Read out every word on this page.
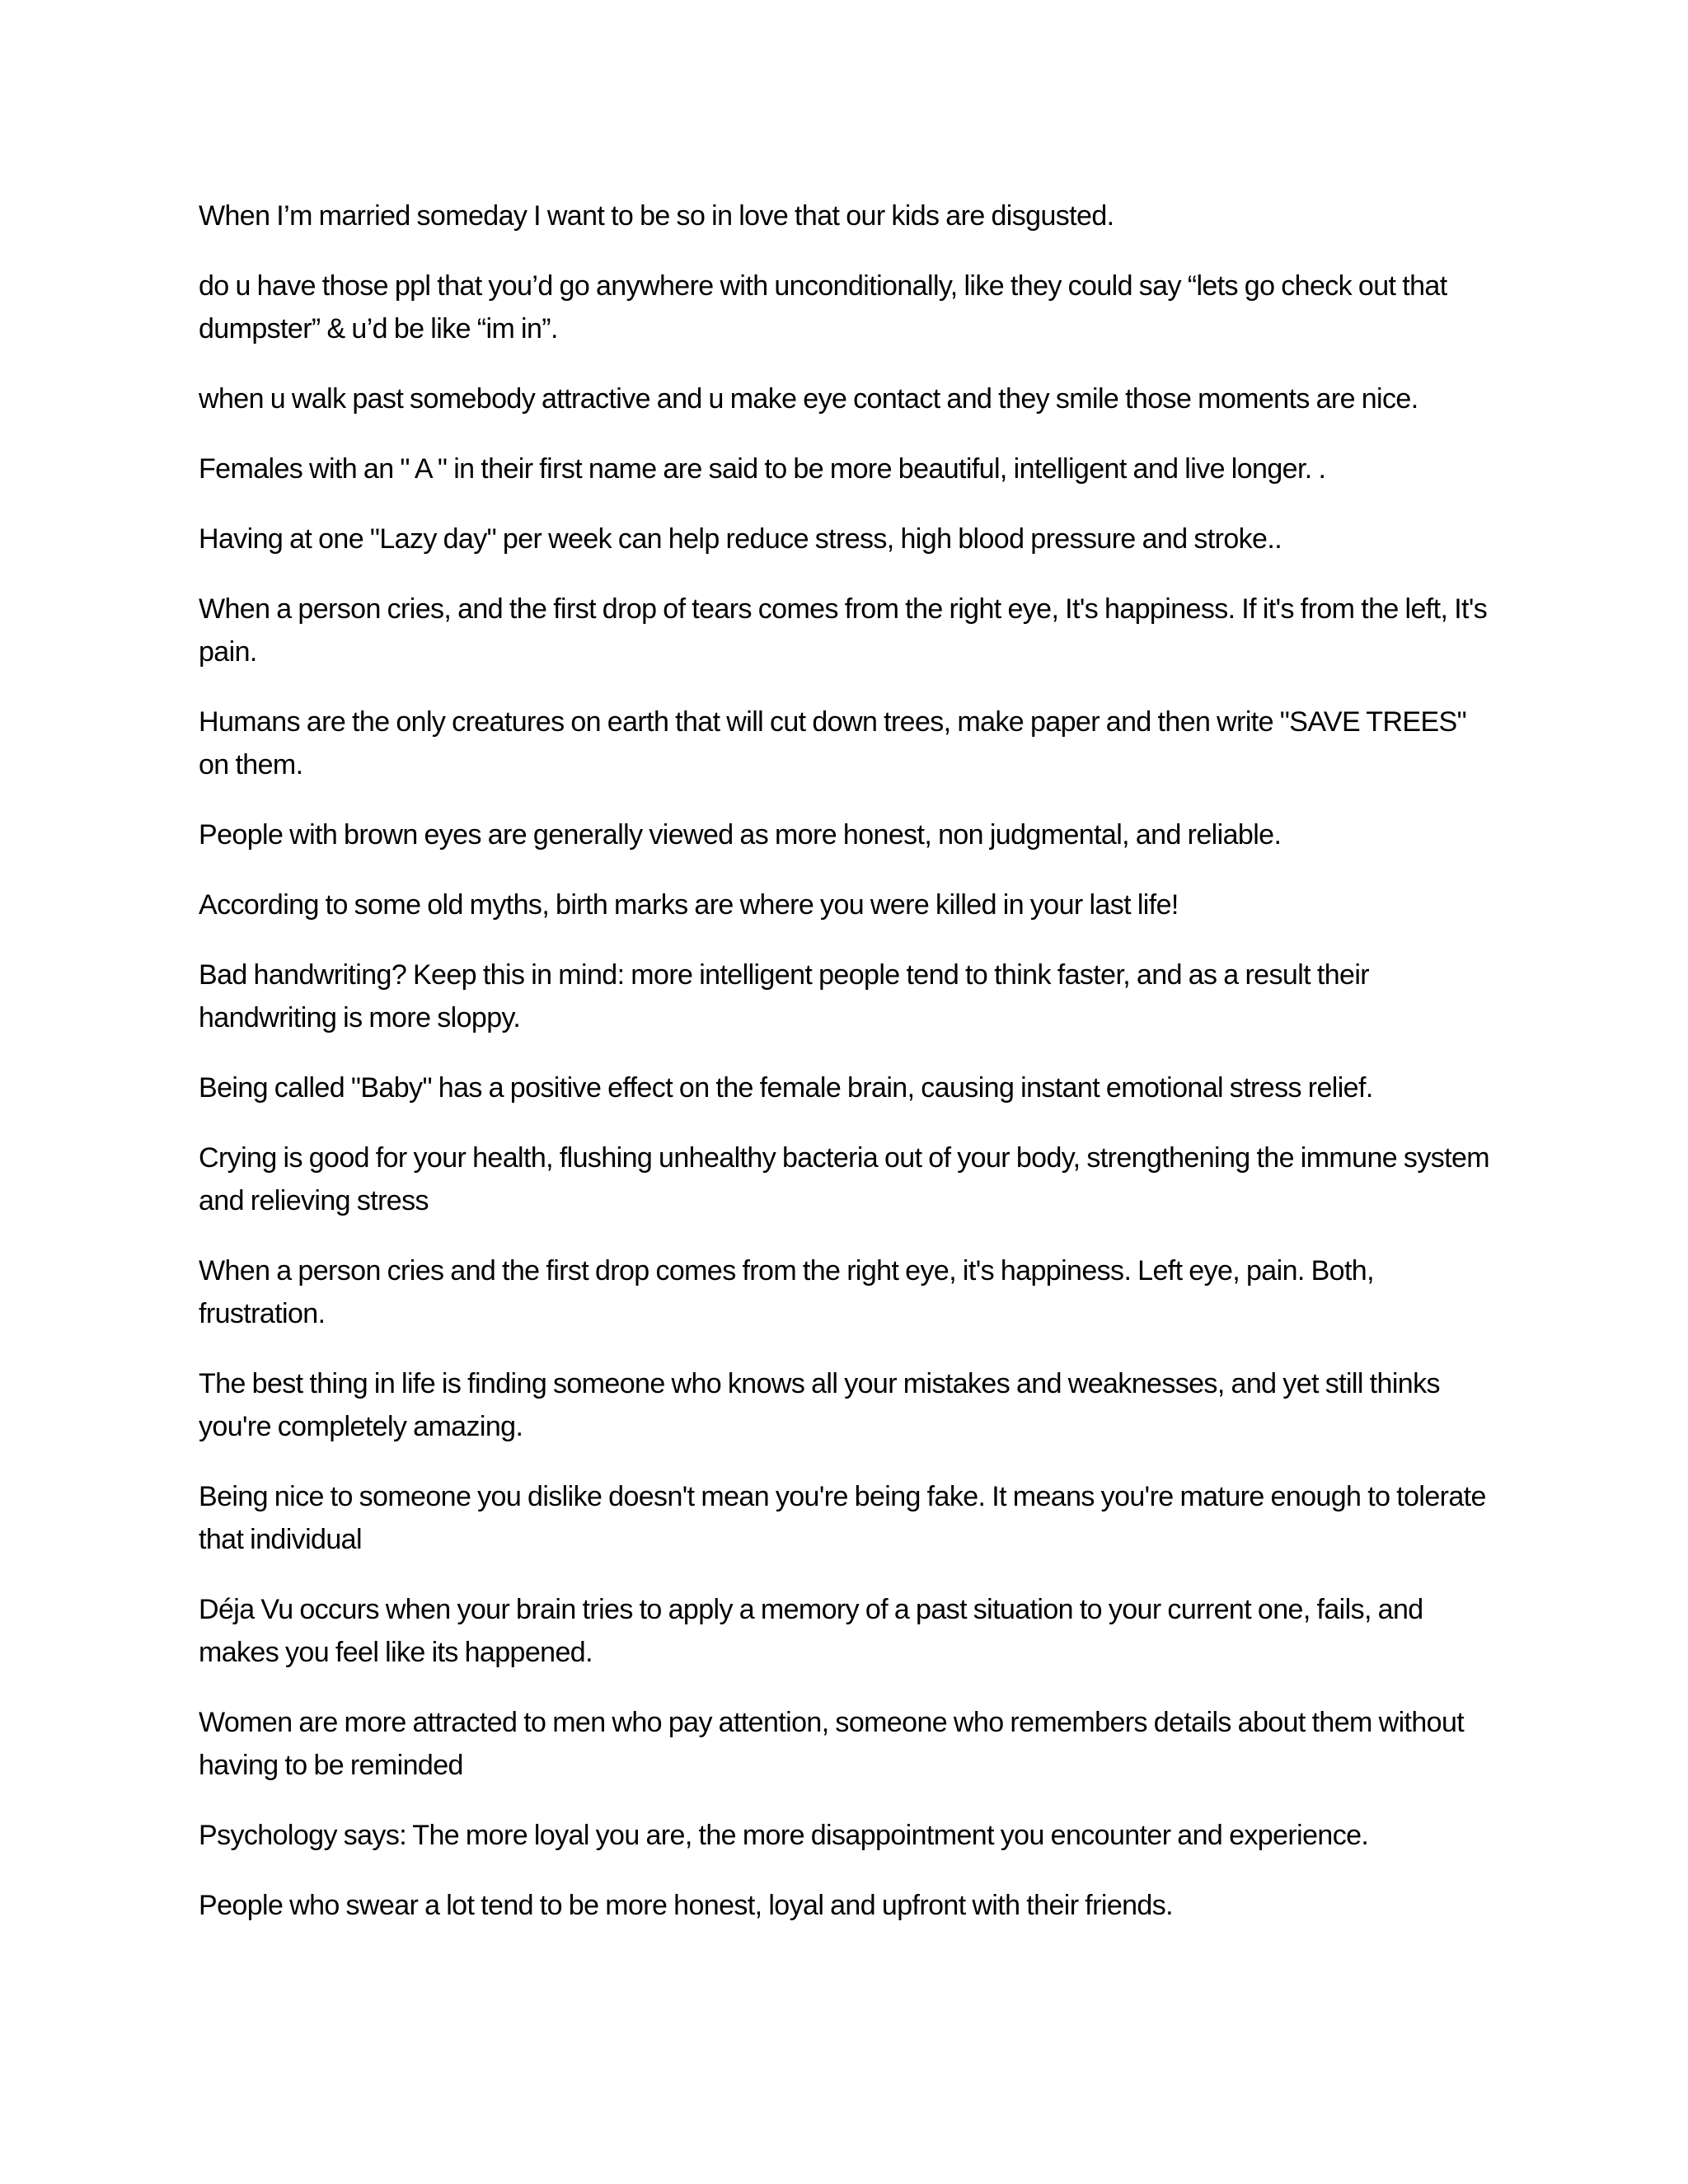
When I’m married someday I want to be so in love that our kids are disgusted.

do u have those ppl that you’d go anywhere with unconditionally, like they could say “lets go check out that dumpster” & u’d be like “im in”.

when u walk past somebody attractive and u make eye contact and they smile those moments are nice.

Females with an " A " in their first name are said to be more beautiful, intelligent and live longer. .

Having at one "Lazy day" per week can help reduce stress, high blood pressure and stroke..

When a person cries, and the first drop of tears comes from the right eye, It's happiness. If it's from the left, It's pain.

Humans are the only creatures on earth that will cut down trees, make paper and then write "SAVE TREES" on them.

People with brown eyes are generally viewed as more honest, non judgmental, and reliable.

According to some old myths, birth marks are where you were killed in your last life!

Bad handwriting? Keep this in mind: more intelligent people tend to think faster, and as a result their handwriting is more sloppy.

Being called "Baby" has a positive effect on the female brain, causing instant emotional stress relief.

Crying is good for your health, flushing unhealthy bacteria out of your body, strengthening the immune system and relieving stress

When a person cries and the first drop comes from the right eye, it's happiness. Left eye, pain. Both, frustration.

The best thing in life is finding someone who knows all your mistakes and weaknesses, and yet still thinks you're completely amazing.

Being nice to someone you dislike doesn't mean you're being fake. It means you're mature enough to tolerate that individual

Déja Vu occurs when your brain tries to apply a memory of a past situation to your current one, fails, and makes you feel like its happened.

Women are more attracted to men who pay attention, someone who remembers details about them without having to be reminded

Psychology says: The more loyal you are, the more disappointment you encounter and experience.

People who swear a lot tend to be more honest, loyal and upfront with their friends.
